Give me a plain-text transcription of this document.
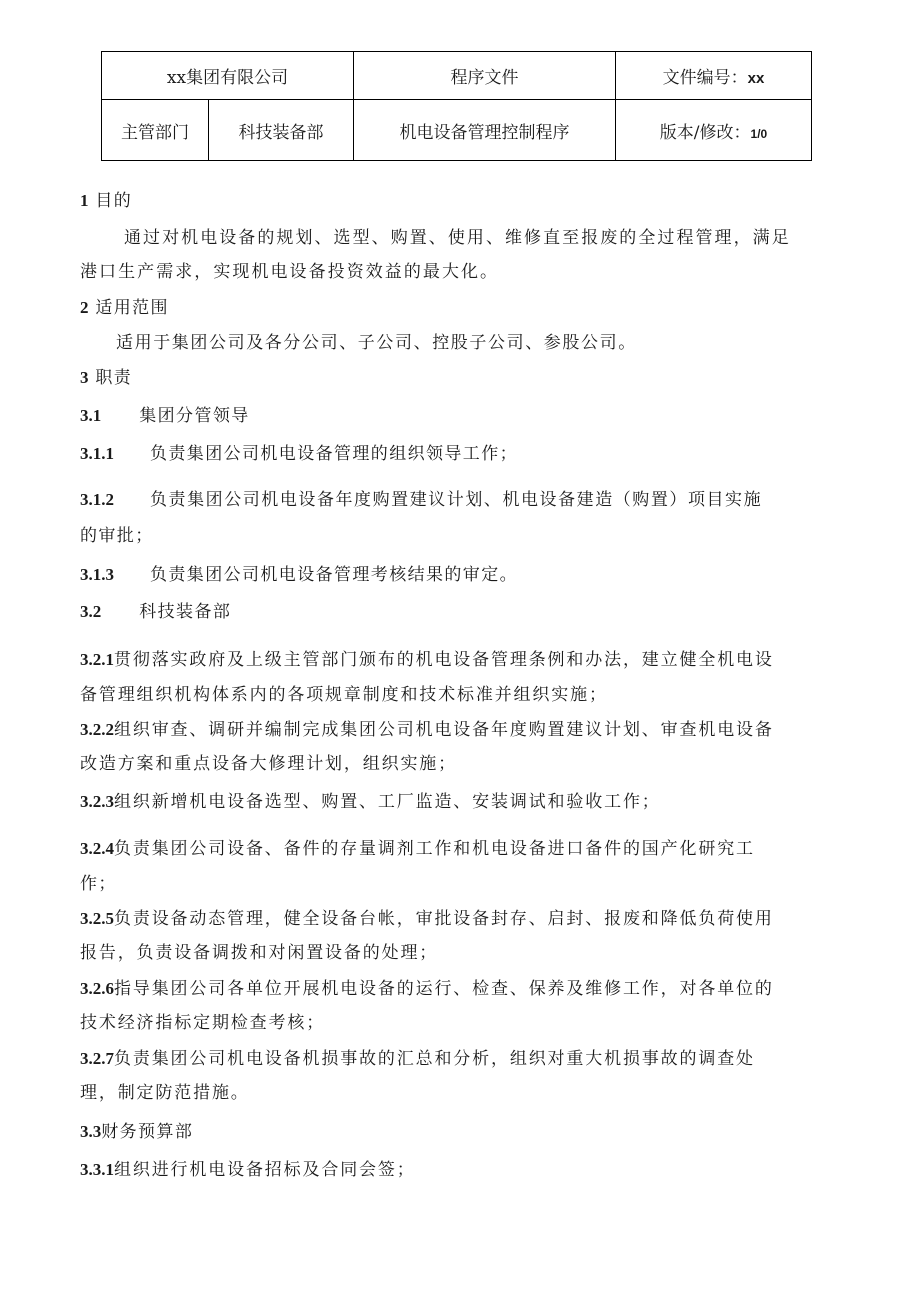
xx集团有限公司		程序文件	文件编号：xx
主管部门	科技装备部	机电设备管理控制程序	版本/修改：1/0
1 目的
通过对机电设备的规划、选型、购置、使用、维修直至报废的全过程管理，满足
港口生产需求，实现机电设备投资效益的最大化。
2 适用范围
适用于集团公司及各分公司、子公司、控股子公司、参股公司。
3 职责
3.1 集团分管领导
3.1.1 负责集团公司机电设备管理的组织领导工作；
3.1.2 负责集团公司机电设备年度购置建议计划、机电设备建造（购置）项目实施
的审批；
3.1.3 负责集团公司机电设备管理考核结果的审定。
3.2 科技装备部
3.2.1贯彻落实政府及上级主管部门颁布的机电设备管理条例和办法，建立健全机电设
备管理组织机构体系内的各项规章制度和技术标准并组织实施；
3.2.2组织审查、调研并编制完成集团公司机电设备年度购置建议计划、审查机电设备
改造方案和重点设备大修理计划，组织实施；
3.2.3组织新增机电设备选型、购置、工厂监造、安装调试和验收工作；
3.2.4负责集团公司设备、备件的存量调剂工作和机电设备进口备件的国产化研究工
作；
3.2.5负责设备动态管理，健全设备台帐，审批设备封存、启封、报废和降低负荷使用
报告，负责设备调拨和对闲置设备的处理；
3.2.6指导集团公司各单位开展机电设备的运行、检查、保养及维修工作，对各单位的
技术经济指标定期检查考核；
3.2.7负责集团公司机电设备机损事故的汇总和分析，组织对重大机损事故的调查处
理，制定防范措施。
3.3财务预算部
3.3.1组织进行机电设备招标及合同会签；
